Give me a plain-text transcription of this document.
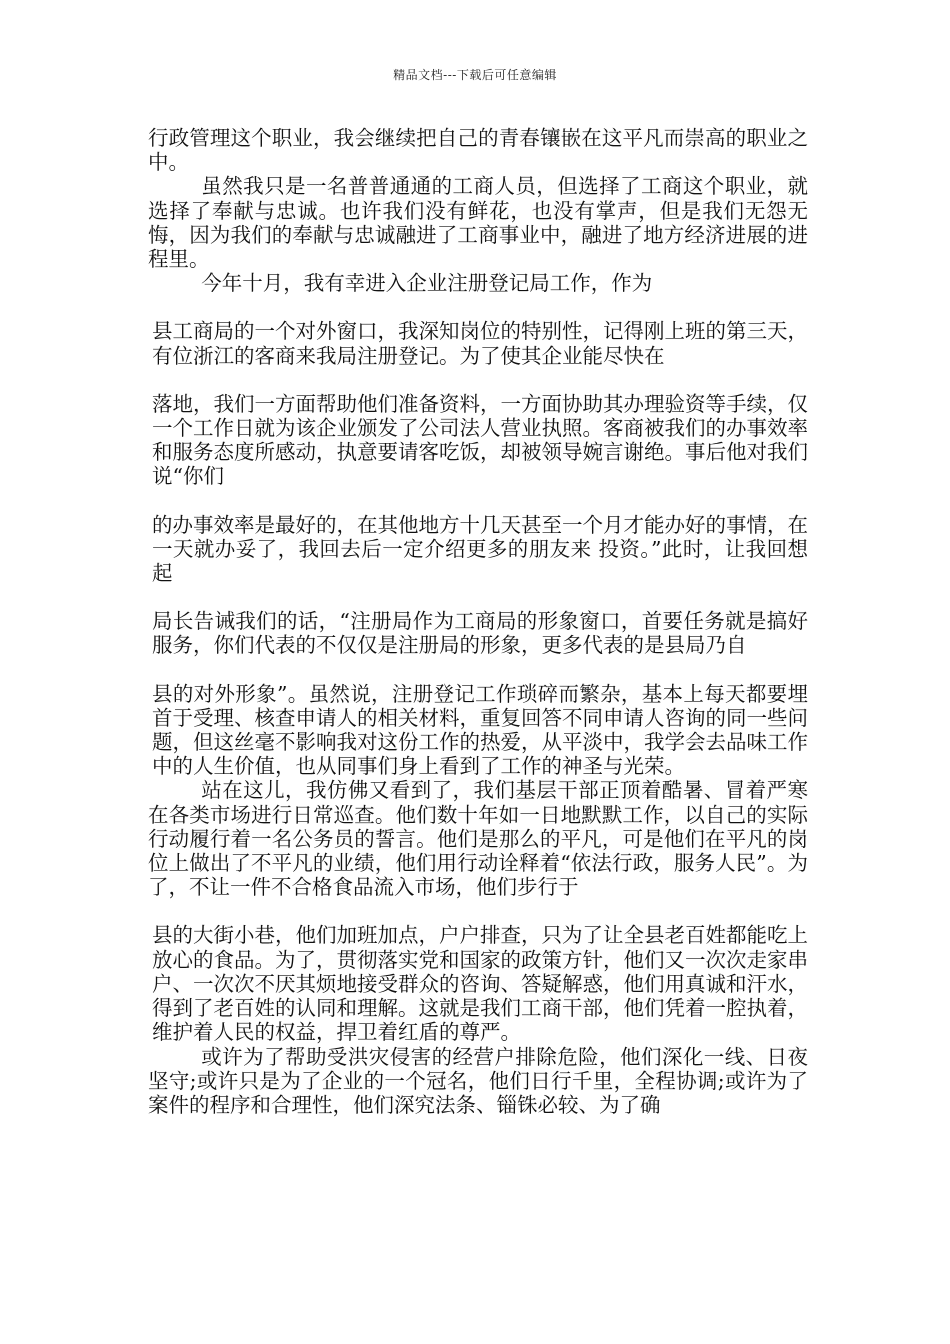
精品文档---下载后可任意编辑

行政管理这个职业，我会继续把自己的青春镶嵌在这平凡而崇高的职业之中。

虽然我只是一名普普通通的工商人员，但选择了工商这个职业，就选择了奉献与忠诚。也许我们没有鲜花，也没有掌声，但是我们无怨无悔，因为我们的奉献与忠诚融进了工商事业中，融进了地方经济进展的进程里。

今年十月，我有幸进入企业注册登记局工作，作为

县工商局的一个对外窗口，我深知岗位的特别性，记得刚上班的第三天，有位浙江的客商来我局注册登记。为了使其企业能尽快在

落地，我们一方面帮助他们准备资料，一方面协助其办理验资等手续，仅一个工作日就为该企业颁发了公司法人营业执照。客商被我们的办事效率和服务态度所感动，执意要请客吃饭，却被领导婉言谢绝。事后他对我们说“你们

的办事效率是最好的，在其他地方十几天甚至一个月才能办好的事情，在 一天就办妥了，我回去后一定介绍更多的朋友来 投资。”此时，让我回想起

局长告诫我们的话，“注册局作为工商局的形象窗口，首要任务就是搞好服务，你们代表的不仅仅是注册局的形象，更多代表的是县局乃自

县的对外形象”。虽然说，注册登记工作琐碎而繁杂，基本上每天都要埋首于受理、核查申请人的相关材料，重复回答不同申请人咨询的同一些问题，但这丝毫不影响我对这份工作的热爱，从平淡中，我学会去品味工作中的人生价值，也从同事们身上看到了工作的神圣与光荣。

站在这儿，我仿佛又看到了，我们基层干部正顶着酷暑、冒着严寒在各类市场进行日常巡查。他们数十年如一日地默默工作，以自己的实际行动履行着一名公务员的誓言。他们是那么的平凡，可是他们在平凡的岗位上做出了不平凡的业绩，他们用行动诠释着“依法行政，服务人民”。为了，不让一件不合格食品流入市场，他们步行于

县的大街小巷，他们加班加点，户户排查，只为了让全县老百姓都能吃上放心的食品。为了，贯彻落实党和国家的政策方针，他们又一次次走家串户、一次次不厌其烦地接受群众的咨询、答疑解惑，他们用真诚和汗水，得到了老百姓的认同和理解。这就是我们工商干部，他们凭着一腔执着，维护着人民的权益，捍卫着红盾的尊严。

或许为了帮助受洪灾侵害的经营户排除危险，他们深化一线、日夜坚守;或许只是为了企业的一个冠名，他们日行千里，全程协调;或许为了案件的程序和合理性，他们深究法条、锱铢必较、为了确
